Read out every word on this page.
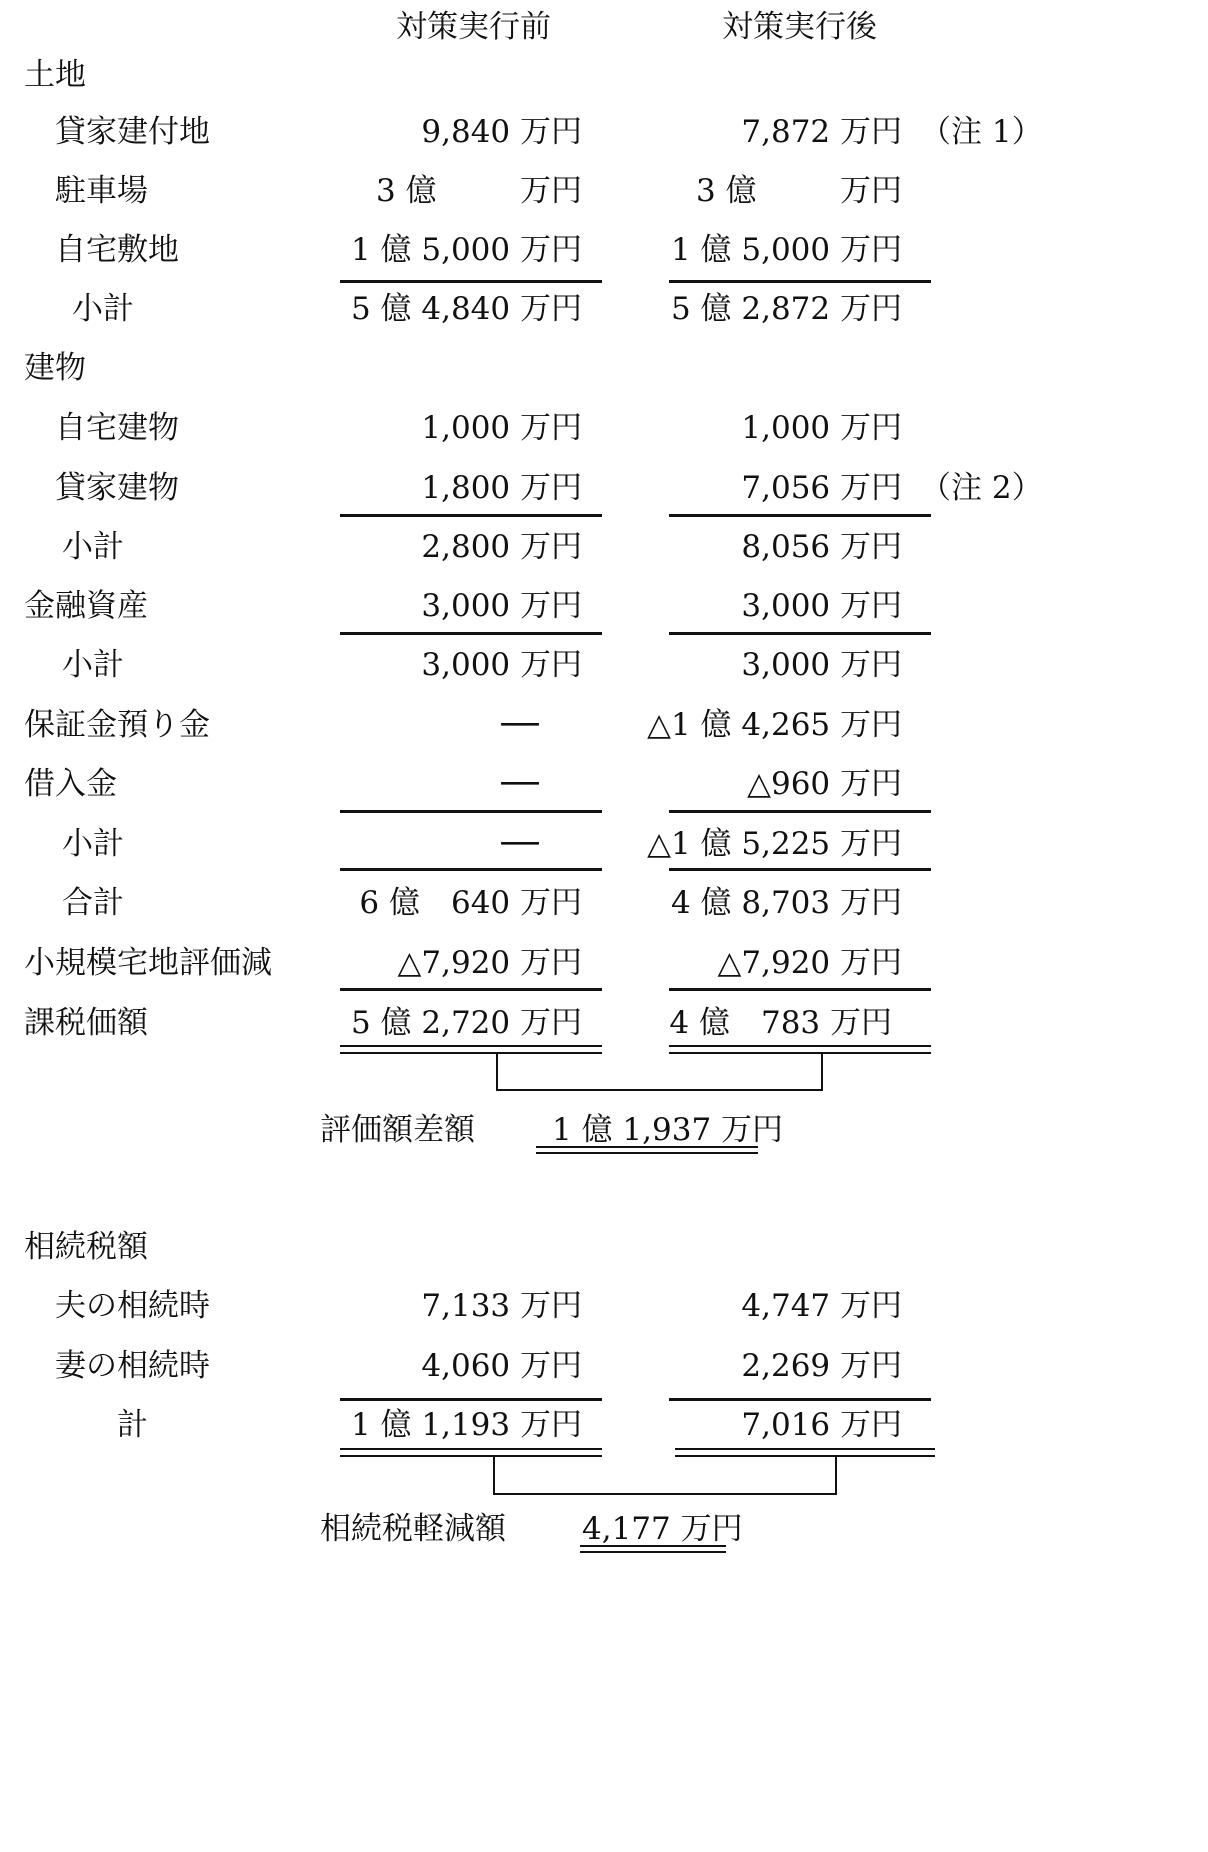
対策実行前	対策実行後
土地
貸家建付地	9,840 万円	7,872 万円 （注 1）
駐車場	3 億	万円	3 億	万円
自宅敷地	1 億 5,000 万円	1 億 5,000 万円
小計	5 億 4,840 万円	5 億 2,872 万円
建物
自宅建物	1,000 万円	1,000 万円
貸家建物	1,800 万円	7,056 万円 （注 2）
小計	2,800 万円	8,056 万円
金融資産	3,000 万円	3,000 万円
小計	3,000 万円	3,000 万円
保証金預り金	──	△1 億 4,265 万円
借入金	──	△960 万円
小計	──	△1 億 5,225 万円
合計	6 億　640 万円	4 億 8,703 万円
小規模宅地評価減	△7,920 万円	△7,920 万円
課税価額	5 億 2,720 万円	4 億　783 万円
評価額差額 1 億 1,937 万円
相続税額
夫の相続時	7,133 万円	4,747 万円
妻の相続時	4,060 万円	2,269 万円
計	1 億 1,193 万円	7,016 万円
相続税軽減額 4,177 万円
